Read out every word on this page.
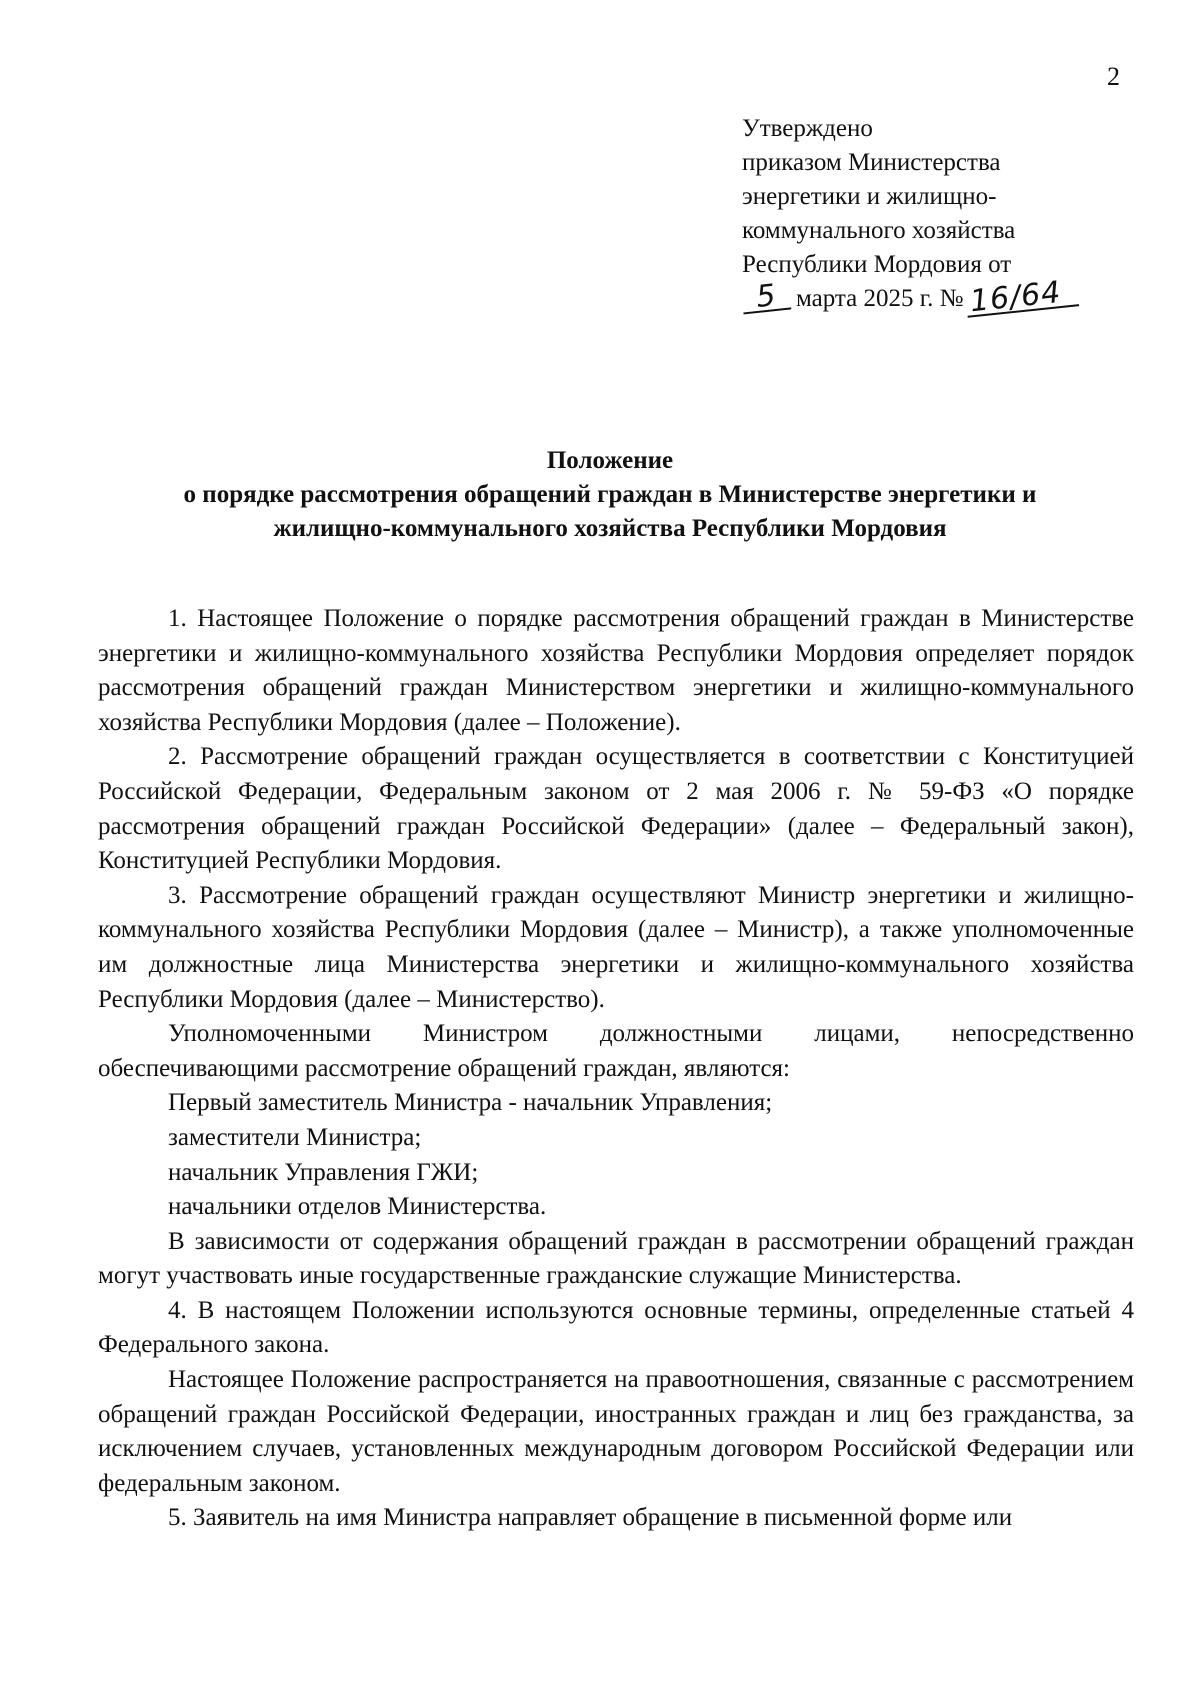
2
Утверждено
приказом Министерства
энергетики и жилищно-
коммунального хозяйства
Республики Мордовия от
5 марта 2025 г. № 16/64
Положение
о порядке рассмотрения обращений граждан в Министерстве энергетики и
жилищно-коммунального хозяйства Республики Мордовия

1. Настоящее Положение о порядке рассмотрения обращений граждан в Министерстве энергетики и жилищно-коммунального хозяйства Республики Мордовия определяет порядок рассмотрения обращений граждан Министерством энергетики и жилищно-коммунального хозяйства Республики Мордовия (далее – Положение).

2. Рассмотрение обращений граждан осуществляется в соответствии с Конституцией Российской Федерации, Федеральным законом от 2 мая 2006 г. № 59-ФЗ «О порядке рассмотрения обращений граждан Российской Федерации» (далее – Федеральный закон), Конституцией Республики Мордовия.

3. Рассмотрение обращений граждан осуществляют Министр энергетики и жилищно-коммунального хозяйства Республики Мордовия (далее – Министр), а также уполномоченные им должностные лица Министерства энергетики и жилищно-коммунального хозяйства Республики Мордовия (далее – Министерство).

Уполномоченными Министром должностными лицами, непосредственно обеспечивающими рассмотрение обращений граждан, являются:

Первый заместитель Министра - начальник Управления;

заместители Министра;

начальник Управления ГЖИ;

начальники отделов Министерства.

В зависимости от содержания обращений граждан в рассмотрении обращений граждан могут участвовать иные государственные гражданские служащие Министерства.

4. В настоящем Положении используются основные термины, определенные статьей 4 Федерального закона.

Настоящее Положение распространяется на правоотношения, связанные с рассмотрением обращений граждан Российской Федерации, иностранных граждан и лиц без гражданства, за исключением случаев, установленных международным договором Российской Федерации или федеральным законом.

5. Заявитель на имя Министра направляет обращение в письменной форме или
